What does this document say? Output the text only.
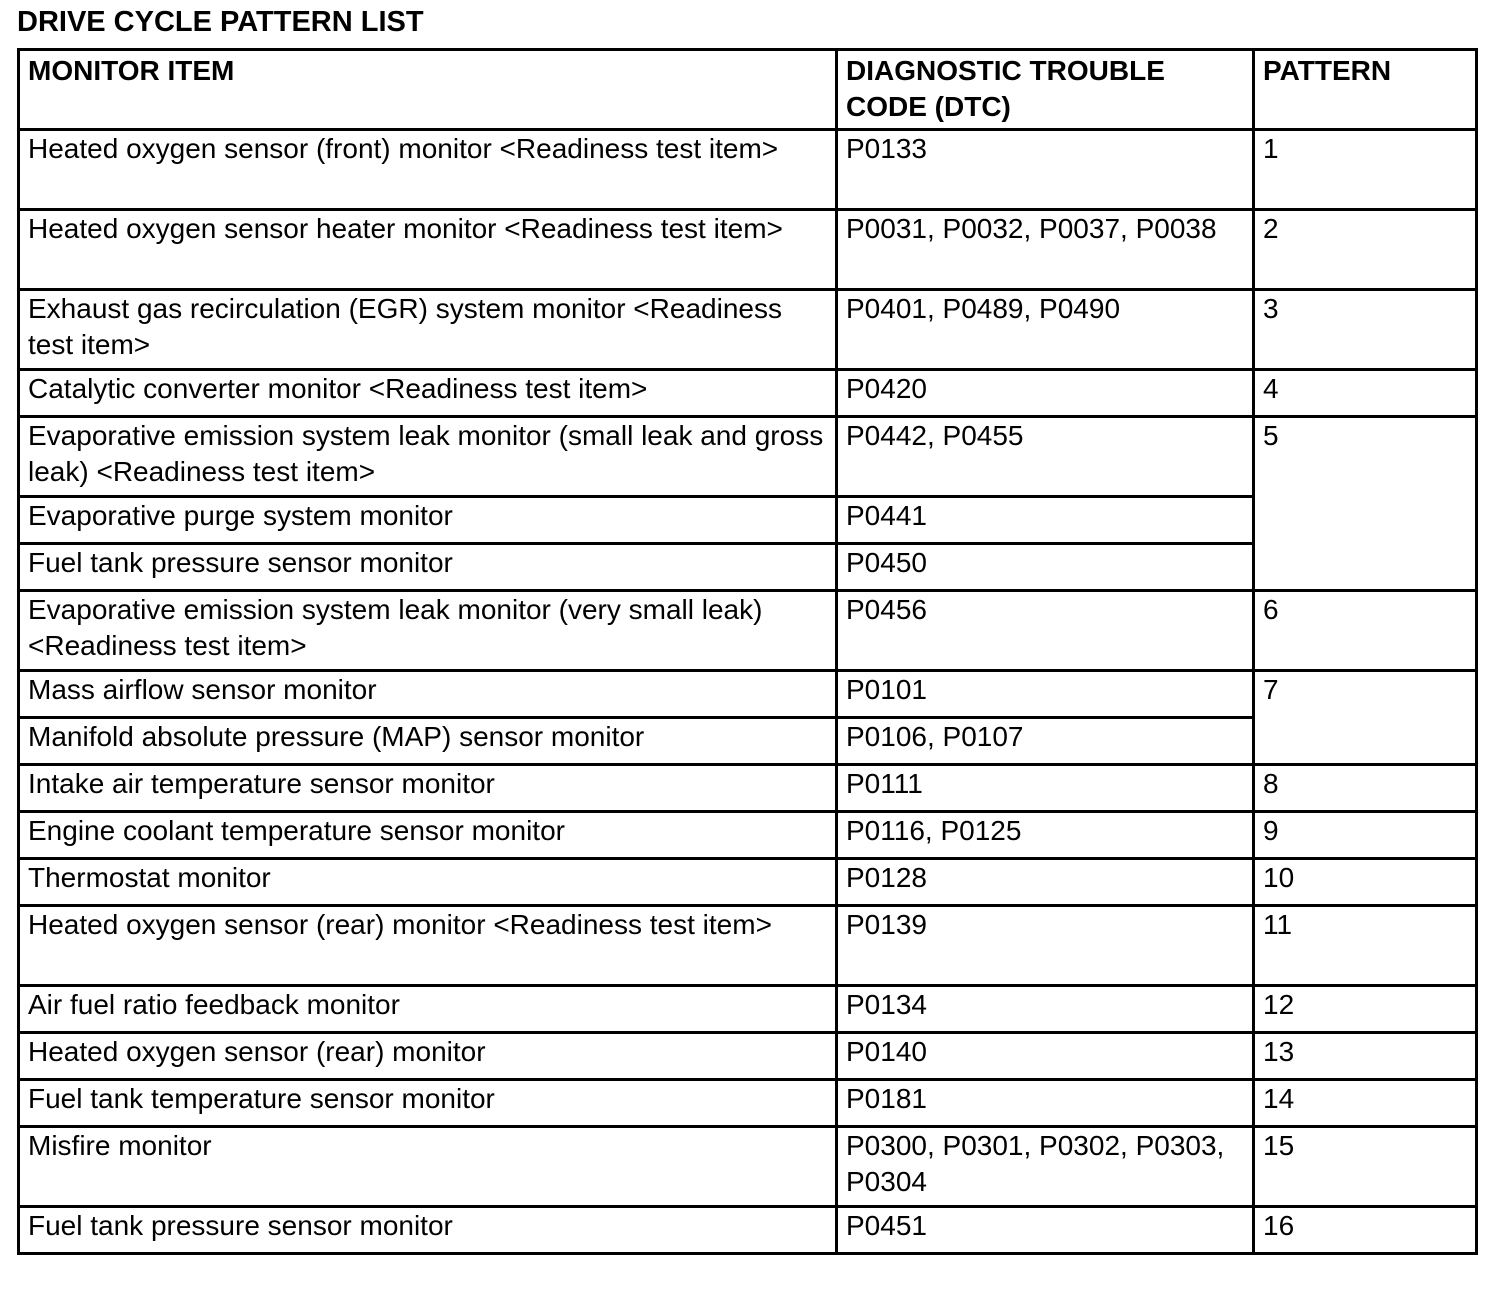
DRIVE CYCLE PATTERN LIST
MONITOR ITEM	DIAGNOSTIC TROUBLE CODE (DTC)	PATTERN
Heated oxygen sensor (front) monitor <Readiness test item>	P0133	1
Heated oxygen sensor heater monitor <Readiness test item>	P0031, P0032, P0037, P0038	2
Exhaust gas recirculation (EGR) system monitor <Readiness test item>	P0401, P0489, P0490	3
Catalytic converter monitor <Readiness test item>	P0420	4
Evaporative emission system leak monitor (small leak and gross leak) <Readiness test item>	P0442, P0455	5
Evaporative purge system monitor	P0441	
Fuel tank pressure sensor monitor	P0450	
Evaporative emission system leak monitor (very small leak) <Readiness test item>	P0456	6
Mass airflow sensor monitor	P0101	7
Manifold absolute pressure (MAP) sensor monitor	P0106, P0107	
Intake air temperature sensor monitor	P0111	8
Engine coolant temperature sensor monitor	P0116, P0125	9
Thermostat monitor	P0128	10
Heated oxygen sensor (rear) monitor <Readiness test item>	P0139	11
Air fuel ratio feedback monitor	P0134	12
Heated oxygen sensor (rear) monitor	P0140	13
Fuel tank temperature sensor monitor	P0181	14
Misfire monitor	P0300, P0301, P0302, P0303, P0304	15
Fuel tank pressure sensor monitor	P0451	16
